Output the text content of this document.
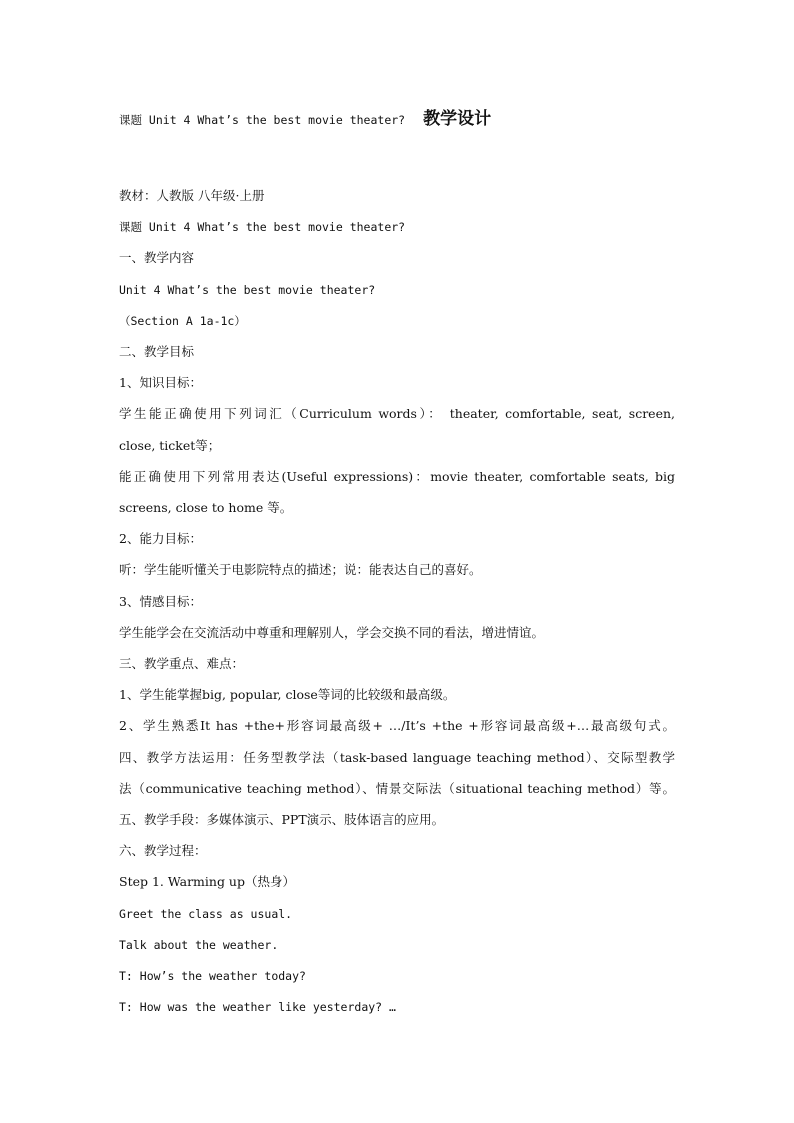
课题 Unit 4 What’s the best movie theater? 教学设计
教材：人教版 八年级·上册
课题 Unit 4 What’s the best movie theater?
一、教学内容
Unit 4 What’s the best movie theater?
（Section A 1a-1c）
二、教学目标
1、知识目标：
学生能正确使用下列词汇（Curriculum words）： theater, comfortable, seat, screen,
close, ticket等；
能正确使用下列常用表达(Useful expressions)：movie theater, comfortable seats, big
screens, close to home 等。
2、能力目标：
听：学生能听懂关于电影院特点的描述；说：能表达自己的喜好。
3、情感目标：
学生能学会在交流活动中尊重和理解别人，学会交换不同的看法，增进情谊。
三、教学重点、难点：
1、学生能掌握big, popular, close等词的比较级和最高级。
2、学生熟悉It has +the+形容词最高级+ …/It’s +the +形容词最高级+…最高级句式。
四、教学方法运用：任务型教学法（task-based language teaching method）、交际型教学
法（communicative teaching method）、情景交际法（situational teaching method）等。
五、教学手段：多媒体演示、PPT演示、肢体语言的应用。
六、教学过程：
Step 1. Warming up（热身）
Greet the class as usual.
Talk about the weather.
T: How’s the weather today?
T: How was the weather like yesterday? …
